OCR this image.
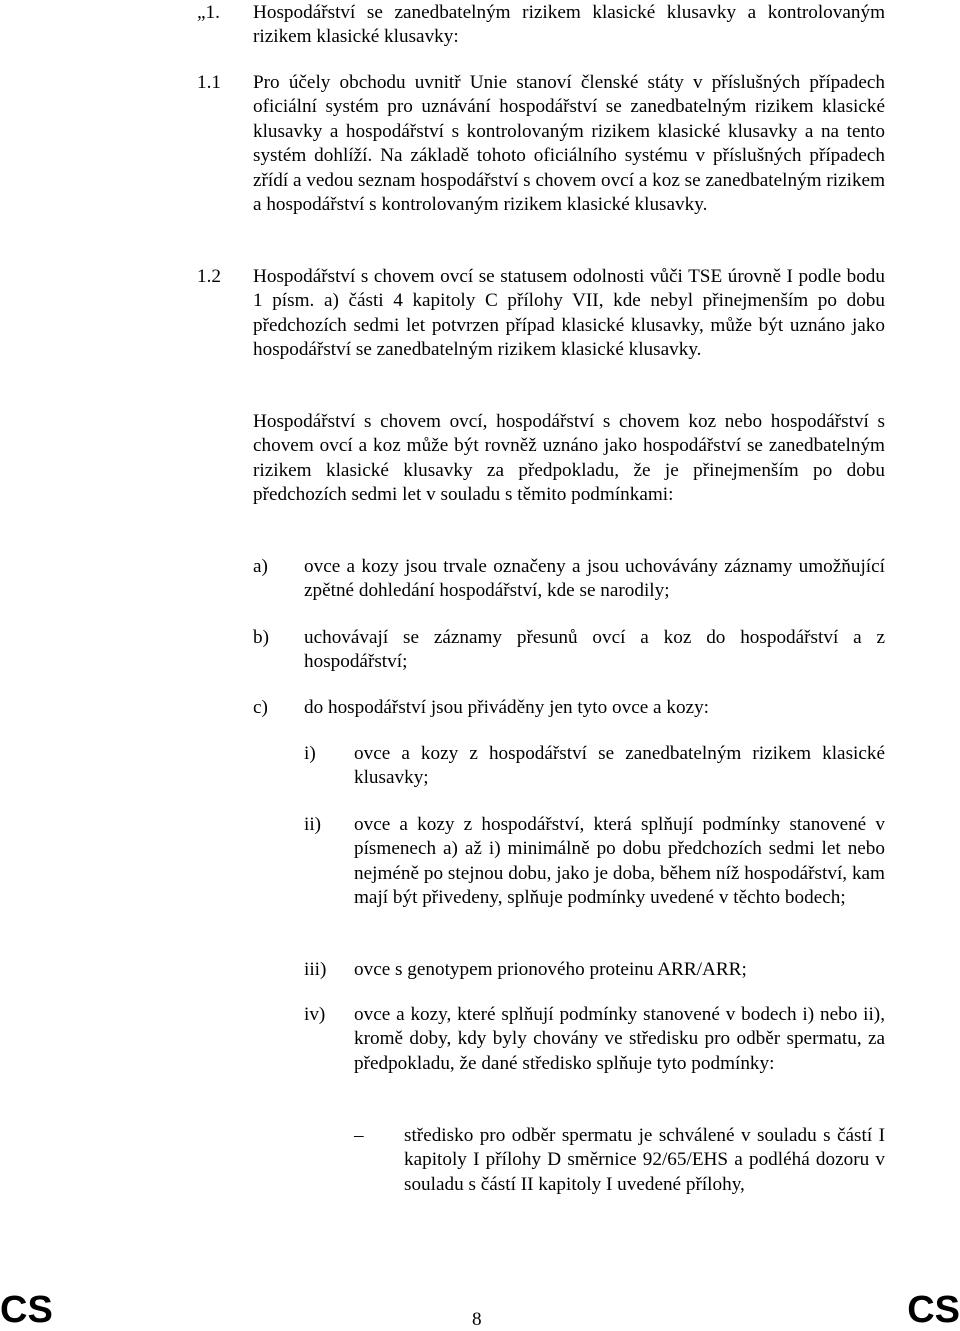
„1. Hospodářství se zanedbatelným rizikem klasické klusavky a kontrolovaným rizikem klasické klusavky:
1.1 Pro účely obchodu uvnitř Unie stanoví členské státy v příslušných případech oficiální systém pro uznávání hospodářství se zanedbatelným rizikem klasické klusavky a hospodářství s kontrolovaným rizikem klasické klusavky a na tento systém dohlíží. Na základě tohoto oficiálního systému v příslušných případech zřídí a vedou seznam hospodářství s chovem ovcí a koz se zanedbatelným rizikem a hospodářství s kontrolovaným rizikem klasické klusavky.
1.2 Hospodářství s chovem ovcí se statusem odolnosti vůči TSE úrovně I podle bodu 1 písm. a) části 4 kapitoly C přílohy VII, kde nebyl přinejmenším po dobu předchozích sedmi let potvrzen případ klasické klusavky, může být uznáno jako hospodářství se zanedbatelným rizikem klasické klusavky.
Hospodářství s chovem ovcí, hospodářství s chovem koz nebo hospodářství s chovem ovcí a koz může být rovněž uznáno jako hospodářství se zanedbatelným rizikem klasické klusavky za předpokladu, že je přinejmenším po dobu předchozích sedmi let v souladu s těmito podmínkami:
a) ovce a kozy jsou trvale označeny a jsou uchovávány záznamy umožňující zpětné dohledání hospodářství, kde se narodily;
b) uchovávají se záznamy přesunů ovcí a koz do hospodářství a z hospodářství;
c) do hospodářství jsou přiváděny jen tyto ovce a kozy:
i) ovce a kozy z hospodářství se zanedbatelným rizikem klasické klusavky;
ii) ovce a kozy z hospodářství, která splňují podmínky stanovené v písmenech a) až i) minimálně po dobu předchozích sedmi let nebo nejméně po stejnou dobu, jako je doba, během níž hospodářství, kam mají být přivedeny, splňuje podmínky uvedené v těchto bodech;
iii) ovce s genotypem prionového proteinu ARR/ARR;
iv) ovce a kozy, které splňují podmínky stanovené v bodech i) nebo ii), kromě doby, kdy byly chovány ve středisku pro odběr spermatu, za předpokladu, že dané středisko splňuje tyto podmínky:
– středisko pro odběr spermatu je schválené v souladu s částí I kapitoly I přílohy D směrnice 92/65/EHS a podléhá dozoru v souladu s částí II kapitoly I uvedené přílohy,
CS	8	CS
